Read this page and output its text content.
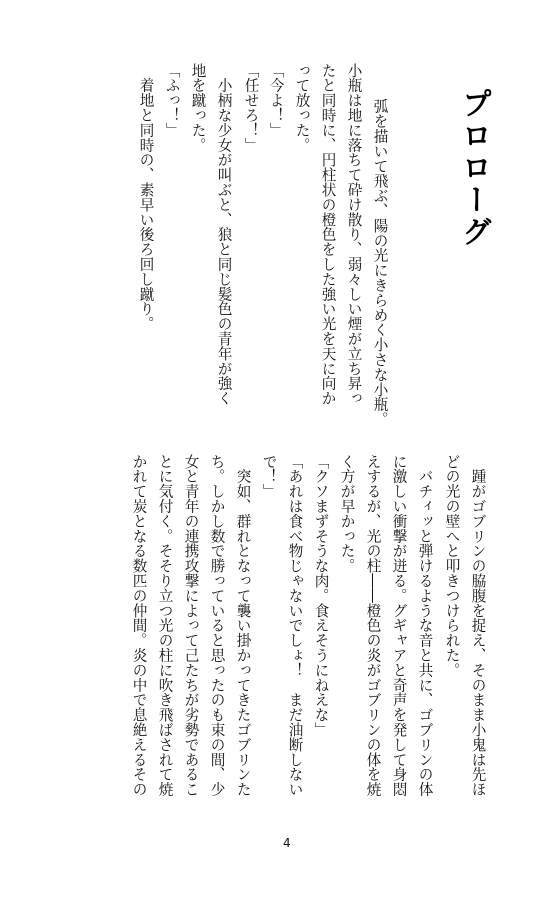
プロローグ
　弧を描いて飛ぶ、陽の光にきらめく小さな小瓶。
小瓶は地に落ちて砕け散り、弱々しい煙が立ち昇っ
たと同時に、円柱状の橙色をした強い光を天に向か
って放った。
「今よ！」
「任せろ！」
　小柄な少女が叫ぶと、狼と同じ髪色の青年が強く
地を蹴った。
「ふっ！」
　着地と同時の、素早い後ろ回し蹴り。
　踵がゴブリンの脇腹を捉え、そのまま小鬼は先ほ
どの光の壁へと叩きつけられた。
　バチィッと弾けるような音と共に、ゴブリンの体
に激しい衝撃が迸る。グギャアと奇声を発して身悶
えするが、光の柱――橙色の炎がゴブリンの体を焼
く方が早かった。
「クソまずそうな肉。食えそうにねえな」
「あれは食べ物じゃないでしょ！　まだ油断しない
で！」
　突如、群れとなって襲い掛かってきたゴブリンた
ち。しかし数で勝っていると思ったのも束の間、少
女と青年の連携攻撃によって己たちが劣勢であるこ
とに気付く。そそり立つ光の柱に吹き飛ばされて焼
かれて炭となる数匹の仲間。炎の中で息絶えるその
4
